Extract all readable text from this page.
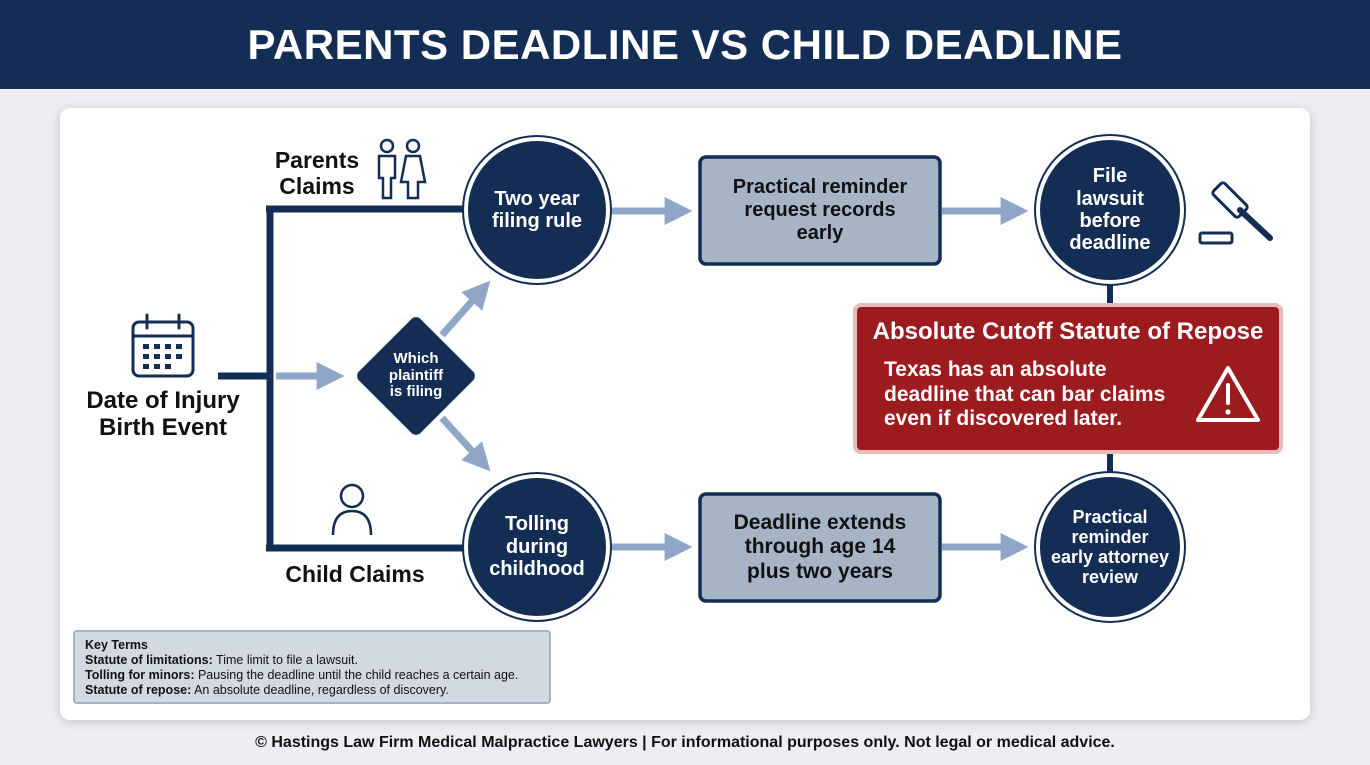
PARENTS DEADLINE VS CHILD DEADLINE
Date of Injury
Birth Event
Parents
Claims
Child Claims
Which
plaintiff
is filing
Two year
filing rule
Tolling
during
childhood
File
lawsuit
before
deadline
Practical
reminder
early attorney
review
Practical reminder
request records
early
Deadline extends
through age 14
plus two years
Absolute Cutoff Statute of Repose
Texas has an absolute
deadline that can bar claims
even if discovered later.
Key Terms
Statute of limitations: Time limit to file a lawsuit.
Tolling for minors: Pausing the deadline until the child reaches a certain age.
Statute of repose: An absolute deadline, regardless of discovery.
© Hastings Law Firm Medical Malpractice Lawyers | For informational purposes only. Not legal or medical advice.
